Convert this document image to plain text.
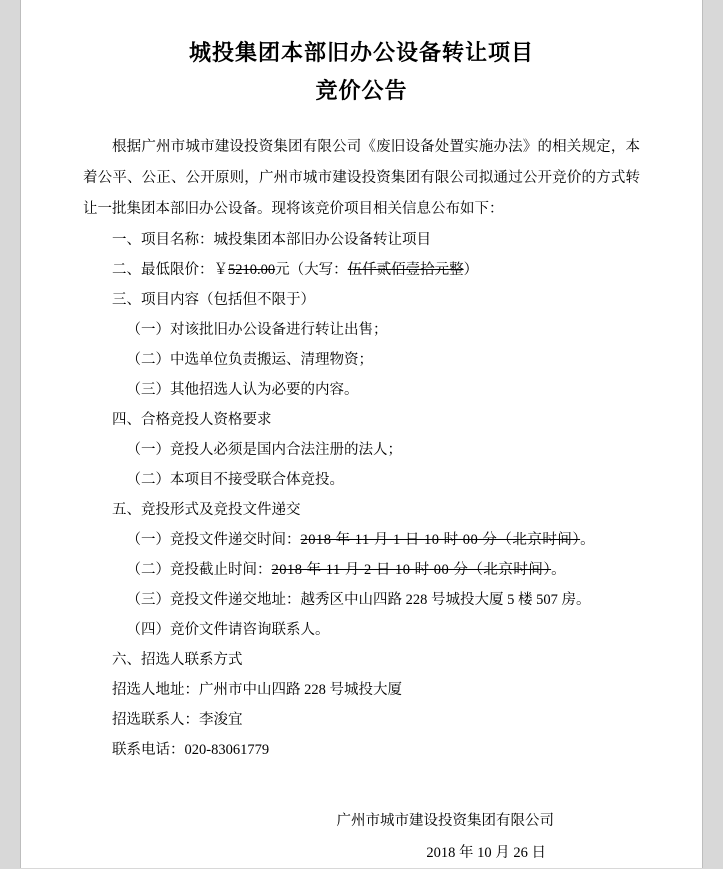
城投集团本部旧办公设备转让项目
竞价公告

根据广州市城市建设投资集团有限公司《废旧设备处置实施办法》的相关规定，本着公平、公正、公开原则，广州市城市建设投资集团有限公司拟通过公开竞价的方式转让一批集团本部旧办公设备。现将该竞价项目相关信息公布如下：

一、项目名称：城投集团本部旧办公设备转让项目

二、最低限价：￥5210.00元（大写：伍仟贰佰壹拾元整）

三、项目内容（包括但不限于）

（一）对该批旧办公设备进行转让出售；

（二）中选单位负责搬运、清理物资；

（三）其他招选人认为必要的内容。

四、合格竞投人资格要求

（一）竞投人必须是国内合法注册的法人；

（二）本项目不接受联合体竞投。

五、竞投形式及竞投文件递交

（一）竞投文件递交时间：2018 年 11 月 1 日 10 时 00 分（北京时间）。

（二）竞投截止时间：2018 年 11 月 2 日 10 时 00 分（北京时间）。

（三）竞投文件递交地址：越秀区中山四路 228 号城投大厦 5 楼 507 房。

（四）竞价文件请咨询联系人。

六、招选人联系方式

招选人地址：广州市中山四路 228 号城投大厦

招选联系人：李浚宜

联系电话：020-83061779

广州市城市建设投资集团有限公司
2018 年 10 月 26 日
